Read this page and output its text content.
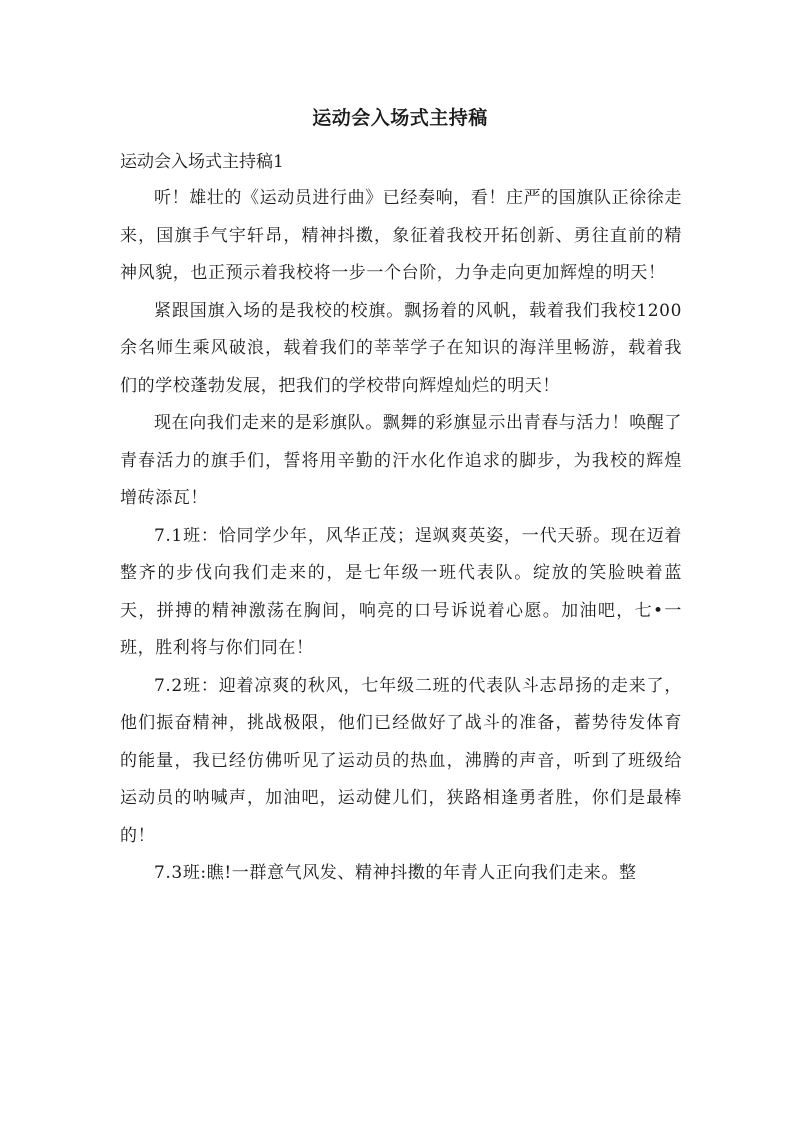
运动会入场式主持稿

运动会入场式主持稿1

听！雄壮的《运动员进行曲》已经奏响，看！庄严的国旗队正徐徐走来，国旗手气宇轩昂，精神抖擞，象征着我校开拓创新、勇往直前的精神风貌，也正预示着我校将一步一个台阶，力争走向更加辉煌的明天！

紧跟国旗入场的是我校的校旗。飘扬着的风帆，载着我们我校1200余名师生乘风破浪，载着我们的莘莘学子在知识的海洋里畅游，载着我们的学校蓬勃发展，把我们的学校带向辉煌灿烂的明天！

现在向我们走来的是彩旗队。飘舞的彩旗显示出青春与活力！唤醒了青春活力的旗手们，誓将用辛勤的汗水化作追求的脚步，为我校的辉煌增砖添瓦！

7.1班：恰同学少年，风华正茂；逞飒爽英姿，一代天骄。现在迈着整齐的步伐向我们走来的，是七年级一班代表队。绽放的笑脸映着蓝天，拼搏的精神激荡在胸间，响亮的口号诉说着心愿。加油吧，七•一班，胜利将与你们同在！

7.2班：迎着凉爽的秋风，七年级二班的代表队斗志昂扬的走来了，他们振奋精神，挑战极限，他们已经做好了战斗的准备，蓄势待发体育的能量，我已经仿佛听见了运动员的热血，沸腾的声音，听到了班级给运动员的呐喊声，加油吧，运动健儿们，狭路相逢勇者胜，你们是最棒的！

7.3班:瞧!一群意气风发、精神抖擞的年青人正向我们走来。整
